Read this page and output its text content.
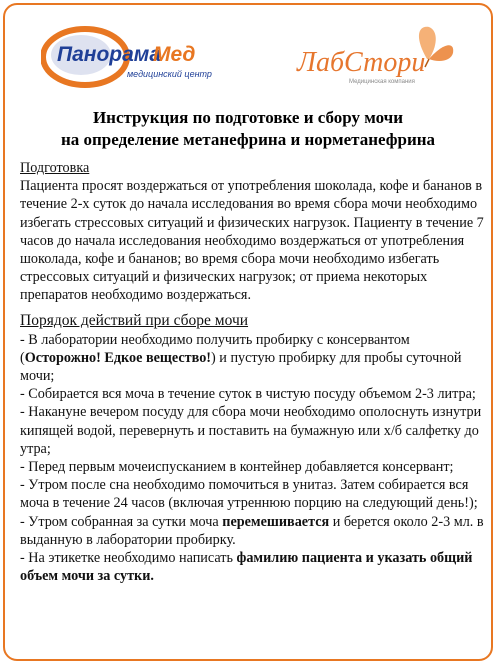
Панорама
Мед
медицинский центр	ЛабСтори
Медицинская компания
Инструкция по подготовке и сбору мочи
на определение метанефрина и норметанефрина
Подготовка

Пациента просят воздержаться от употребления шоколада, кофе и бананов в течение 2-х суток до начала исследования во время сбора мочи необходимо избегать стрессовых ситуаций и физических нагрузок. Пациенту в течение 7 часов до начала исследования необходимо воздержаться от употребления шоколада, кофе и бананов; во время сбора мочи необходимо избегать стрессовых ситуаций и физических нагрузок; от приема некоторых препаратов необходимо воздержаться.

Порядок действий при сборе мочи

- В лаборатории необходимо получить пробирку с консервантом (Осторожно! Едкое вещество!) и пустую пробирку для пробы суточной мочи;

- Собирается вся моча в течение суток в чистую посуду объемом 2-3 литра;

- Накануне вечером посуду для сбора мочи необходимо ополоснуть изнутри кипящей водой, перевернуть и поставить на бумажную или х/б салфетку до утра;

- Перед первым мочеиспусканием в контейнер добавляется консервант;

- Утром после сна необходимо помочиться в унитаз. Затем собирается вся моча в течение 24 часов (включая утреннюю порцию на следующий день!);

- Утром собранная за сутки моча перемешивается и берется около 2-3 мл. в выданную в лаборатории пробирку.

- На этикетке необходимо написать фамилию пациента и указать общий объем мочи за сутки.
